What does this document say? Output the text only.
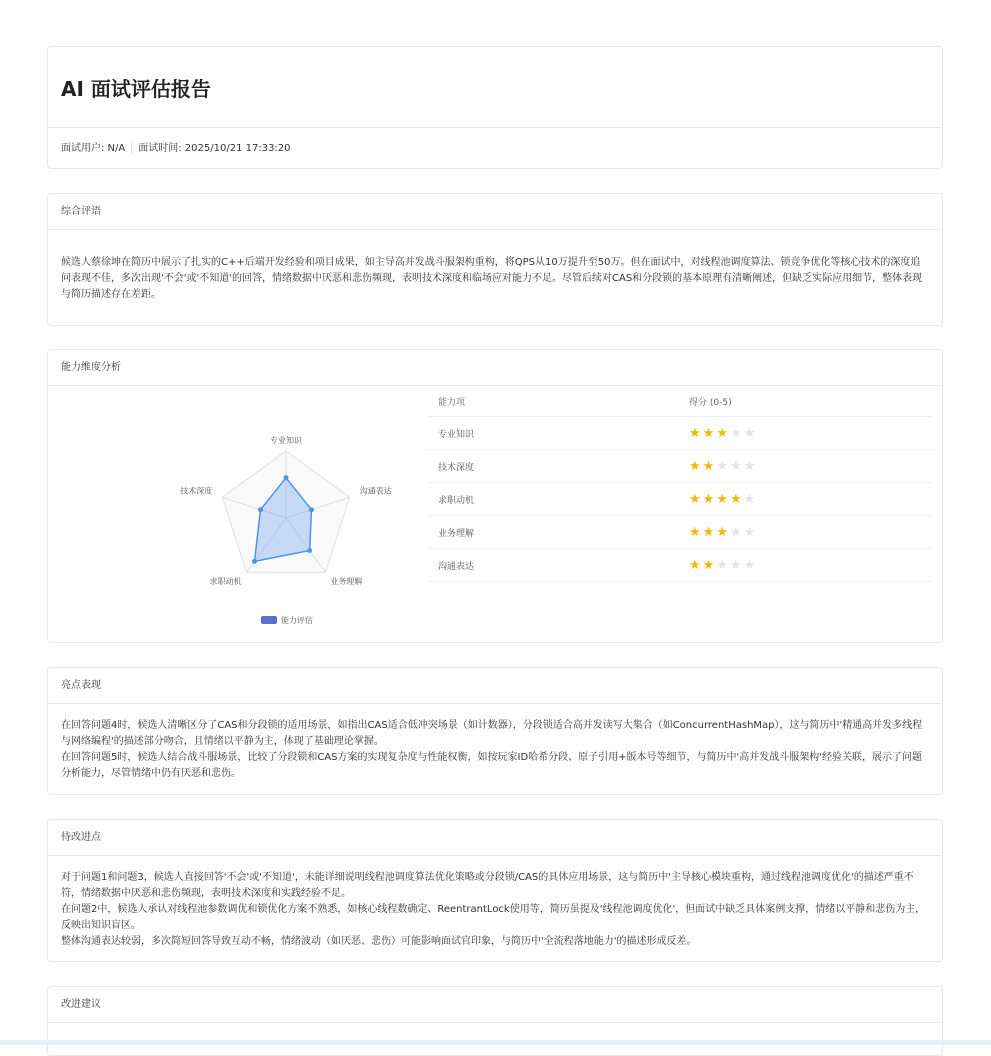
AI 面试评估报告
面试用户: N/A 面试时间: 2025/10/21 17:33:20
综合评语

候选人蔡徐坤在简历中展示了扎实的C++后端开发经验和项目成果，如主导高并发战斗服架构重构，将QPS从10万提升至50万。但在面试中，对线程池调度算法、锁竞争优化等核心技术的深度追问表现不佳，多次出现'不会'或'不知道'的回答，情绪数据中厌恶和悲伤频现，表明技术深度和临场应对能力不足。尽管后续对CAS和分段锁的基本原理有清晰阐述，但缺乏实际应用细节，整体表现与简历描述存在差距。

能力维度分析
专业知识
沟通表达
业务理解
求职动机
技术深度
能力评估
能力项	得分 (0-5)
专业知识	★★★★★
技术深度	★★★★★
求职动机	★★★★★
业务理解	★★★★★
沟通表达	★★★★★
亮点表现

在回答问题4时，候选人清晰区分了CAS和分段锁的适用场景，如指出CAS适合低冲突场景（如计数器），分段锁适合高并发读写大集合（如ConcurrentHashMap），这与简历中'精通高并发多线程与网络编程'的描述部分吻合，且情绪以平静为主，体现了基础理论掌握。

在回答问题5时，候选人结合战斗服场景，比较了分段锁和CAS方案的实现复杂度与性能权衡，如按玩家ID哈希分段、原子引用+版本号等细节，与简历中'高并发战斗服架构'经验关联，展示了问题分析能力，尽管情绪中仍有厌恶和悲伤。

待改进点

对于问题1和问题3，候选人直接回答'不会'或'不知道'，未能详细说明线程池调度算法优化策略或分段锁/CAS的具体应用场景，这与简历中'主导核心模块重构，通过线程池调度优化'的描述严重不符，情绪数据中厌恶和悲伤频现，表明技术深度和实践经验不足。

在问题2中，候选人承认对线程池参数调优和锁优化方案不熟悉，如核心线程数确定、ReentrantLock使用等，简历虽提及'线程池调度优化'，但面试中缺乏具体案例支撑，情绪以平静和悲伤为主，反映出知识盲区。

整体沟通表达较弱，多次简短回答导致互动不畅，情绪波动（如厌恶、悲伤）可能影响面试官印象，与简历中'全流程落地能力'的描述形成反差。

改进建议
